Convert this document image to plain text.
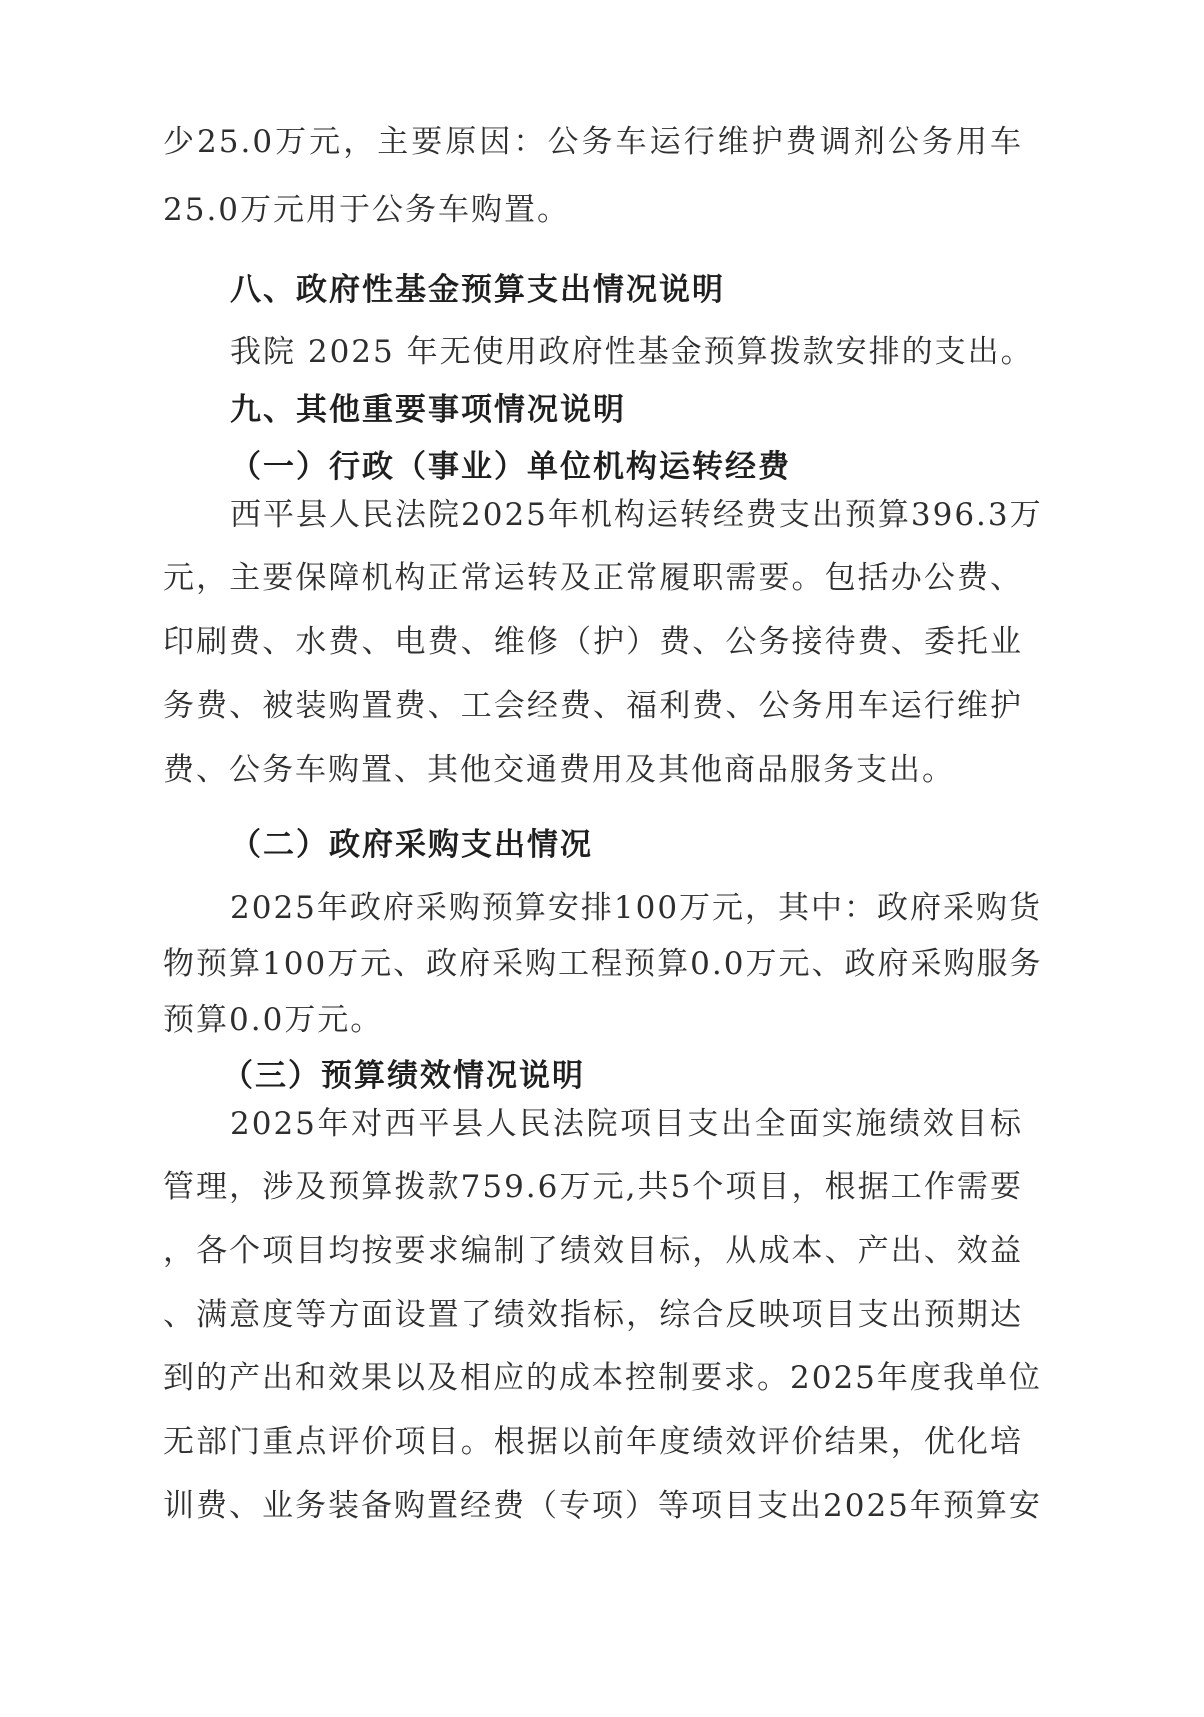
少25.0万元，主要原因：公务车运行维护费调剂公务用车
25.0万元用于公务车购置。
八、政府性基金预算支出情况说明
我院 2025 年无使用政府性基金预算拨款安排的支出。
九、其他重要事项情况说明
（一）行政（事业）单位机构运转经费
西平县人民法院2025年机构运转经费支出预算396.3万
元，主要保障机构正常运转及正常履职需要。包括办公费、
印刷费、水费、电费、维修（护）费、公务接待费、委托业
务费、被装购置费、工会经费、福利费、公务用车运行维护
费、公务车购置、其他交通费用及其他商品服务支出。
（二）政府采购支出情况
2025年政府采购预算安排100万元，其中：政府采购货
物预算100万元、政府采购工程预算0.0万元、政府采购服务
预算0.0万元。
（三）预算绩效情况说明
2025年对西平县人民法院项目支出全面实施绩效目标
管理，涉及预算拨款759.6万元,共5个项目，根据工作需要
，各个项目均按要求编制了绩效目标，从成本、产出、效益
、满意度等方面设置了绩效指标，综合反映项目支出预期达
到的产出和效果以及相应的成本控制要求。2025年度我单位
无部门重点评价项目。根据以前年度绩效评价结果，优化培
训费、业务装备购置经费（专项）等项目支出2025年预算安
